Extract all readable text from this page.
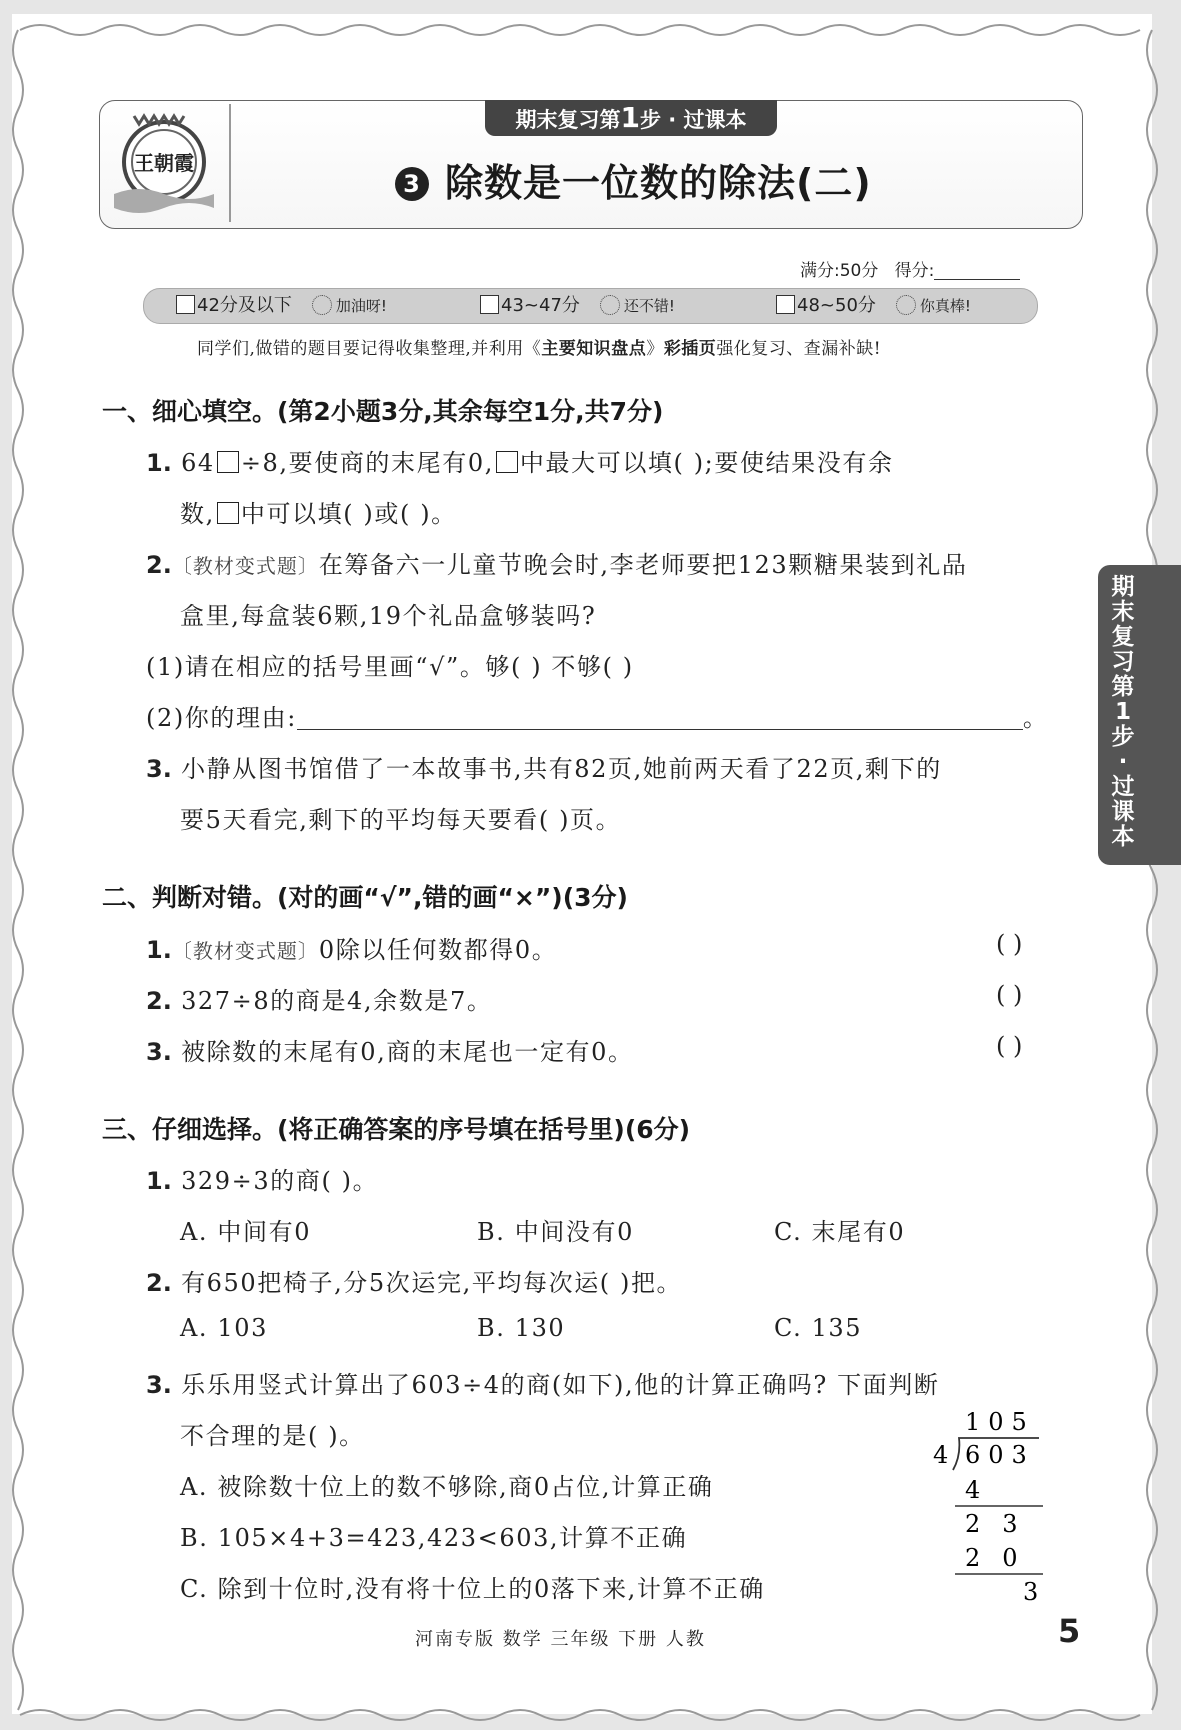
王朝霞
期末复习第1步 · 过课本
3 除数是一位数的除法(二)
满分:50分 得分:
42分及以下	加油呀!	43~47分	还不错!	48~50分	你真棒!
同学们,做错的题目要记得收集整理,并利用《主要知识盘点》彩插页强化复习、查漏补缺!
一、细心填空。(第2小题3分,其余每空1分,共7分)
1. 64 ÷8,要使商的末尾有0, 中最大可以填( );要使结果没有余
数, 中可以填( )或( )。
2.〔教材变式题〕在筹备六一儿童节晚会时,李老师要把123颗糖果装到礼品
盒里,每盒装6颗,19个礼品盒够装吗?
(1)请在相应的括号里画“√”。够( ) 不够( )
(2)你的理由:	。
3. 小静从图书馆借了一本故事书,共有82页,她前两天看了22页,剩下的
要5天看完,剩下的平均每天要看( )页。
二、判断对错。(对的画“√”,错的画“×”)(3分)
1.〔教材变式题〕0除以任何数都得0。	( )
2. 327÷8的商是4,余数是7。	( )
3. 被除数的末尾有0,商的末尾也一定有0。	( )
三、仔细选择。(将正确答案的序号填在括号里)(6分)
1. 329÷3的商( )。
A. 中间有0	B. 中间没有0	C. 末尾有0
2. 有650把椅子,分5次运完,平均每次运( )把。
A. 103	B. 130	C. 135
3. 乐乐用竖式计算出了603÷4的商(如下),他的计算正确吗? 下面判断
不合理的是( )。
A. 被除数十位上的数不够除,商0占位,计算正确
B. 105×4+3=423,423<603,计算不正确
C. 除到十位时,没有将十位上的0落下来,计算不正确
105
4 603
4
23
20
3
期
末
复
习
第
1
步
·
过
课
本
河南专版 数学 三年级 下册 人教	5
